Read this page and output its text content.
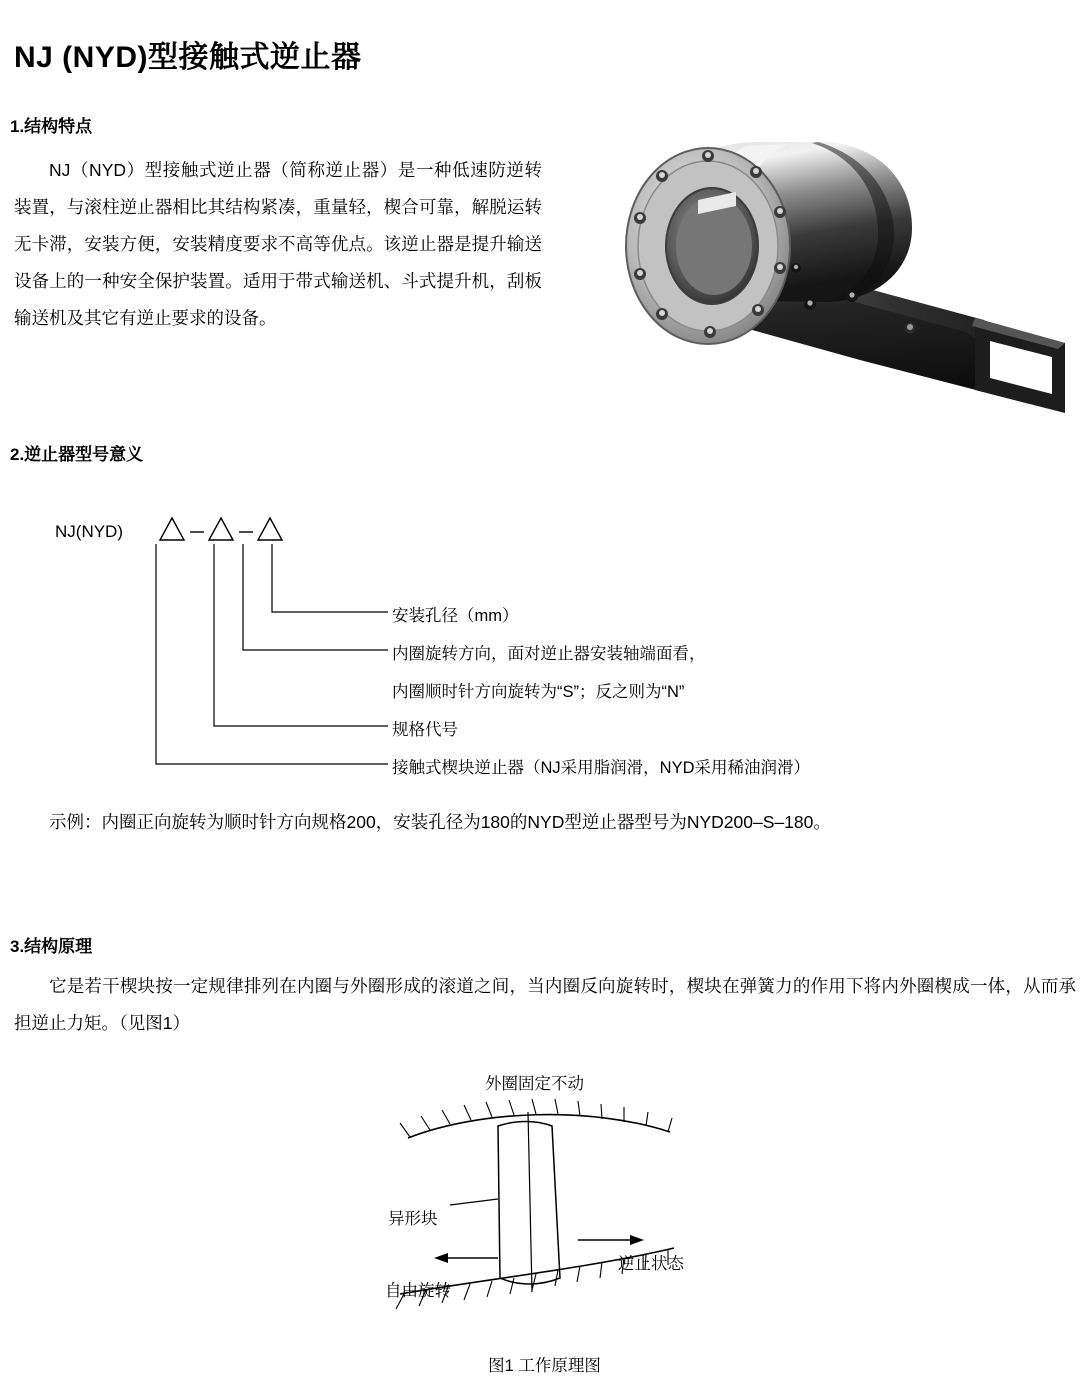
NJ (NYD)型接触式逆止器
1.结构特点
NJ（NYD）型接触式逆止器（简称逆止器）是一种低速防逆转装置，与滚柱逆止器相比其结构紧凑，重量轻，楔合可靠，解脱运转无卡滞，安装方便，安装精度要求不高等优点。该逆止器是提升输送设备上的一种安全保护装置。适用于带式输送机、斗式提升机，刮板输送机及其它有逆止要求的设备。
2.逆止器型号意义
NJ(NYD)
安装孔径（mm）
内圈旋转方向，面对逆止器安装轴端面看，
内圈顺时针方向旋转为“S”；反之则为“N”
规格代号
接触式楔块逆止器（NJ采用脂润滑，NYD采用稀油润滑）
示例：内圈正向旋转为顺时针方向规格200，安装孔径为180的NYD型逆止器型号为NYD200–S–180。
3.结构原理
它是若干楔块按一定规律排列在内圈与外圈形成的滚道之间，当内圈反向旋转时，楔块在弹簧力的作用下将内外圈楔成一体，从而承担逆止力矩。（见图1）
外圈固定不动
异形块
自由旋转
逆止状态
图1 工作原理图
